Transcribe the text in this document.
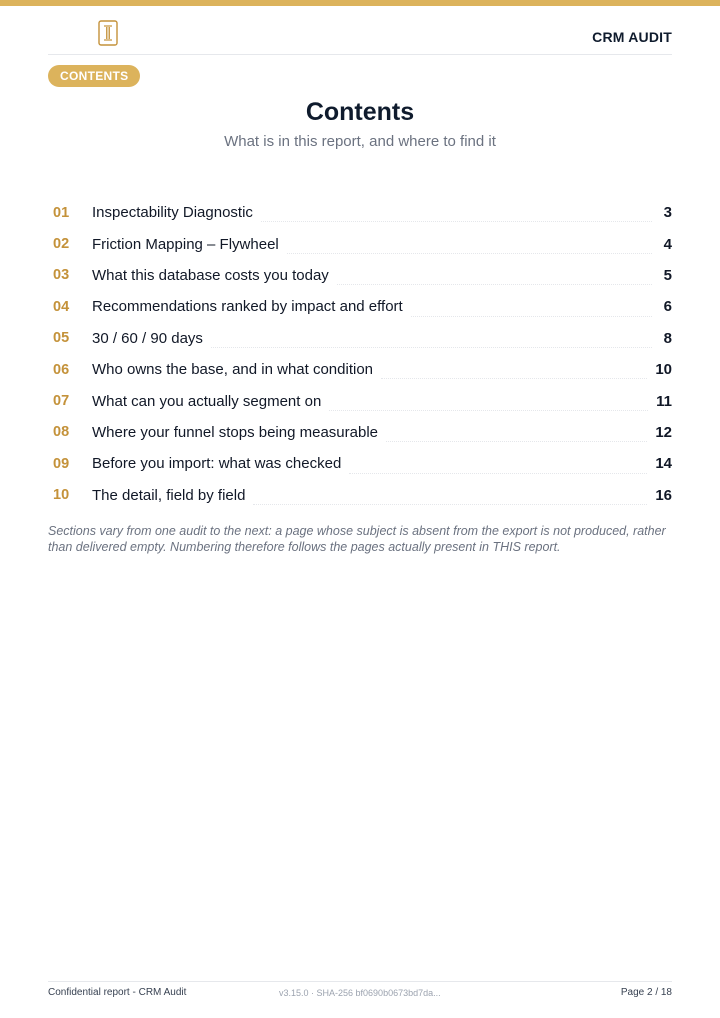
CRM AUDIT
CONTENTS
Contents
What is in this report, and where to find it
01	Inspectability Diagnostic	3
02	Friction Mapping – Flywheel	4
03	What this database costs you today	5
04	Recommendations ranked by impact and effort	6
05	30 / 60 / 90 days	8
06	Who owns the base, and in what condition	10
07	What can you actually segment on	11
08	Where your funnel stops being measurable	12
09	Before you import: what was checked	14
10	The detail, field by field	16
Sections vary from one audit to the next: a page whose subject is absent from the export is not produced, rather than delivered empty. Numbering therefore follows the pages actually present in THIS report.
Confidential report - CRM Audit	v3.15.0 · SHA-256 bf0690b0673bd7da...	Page 2 / 18
